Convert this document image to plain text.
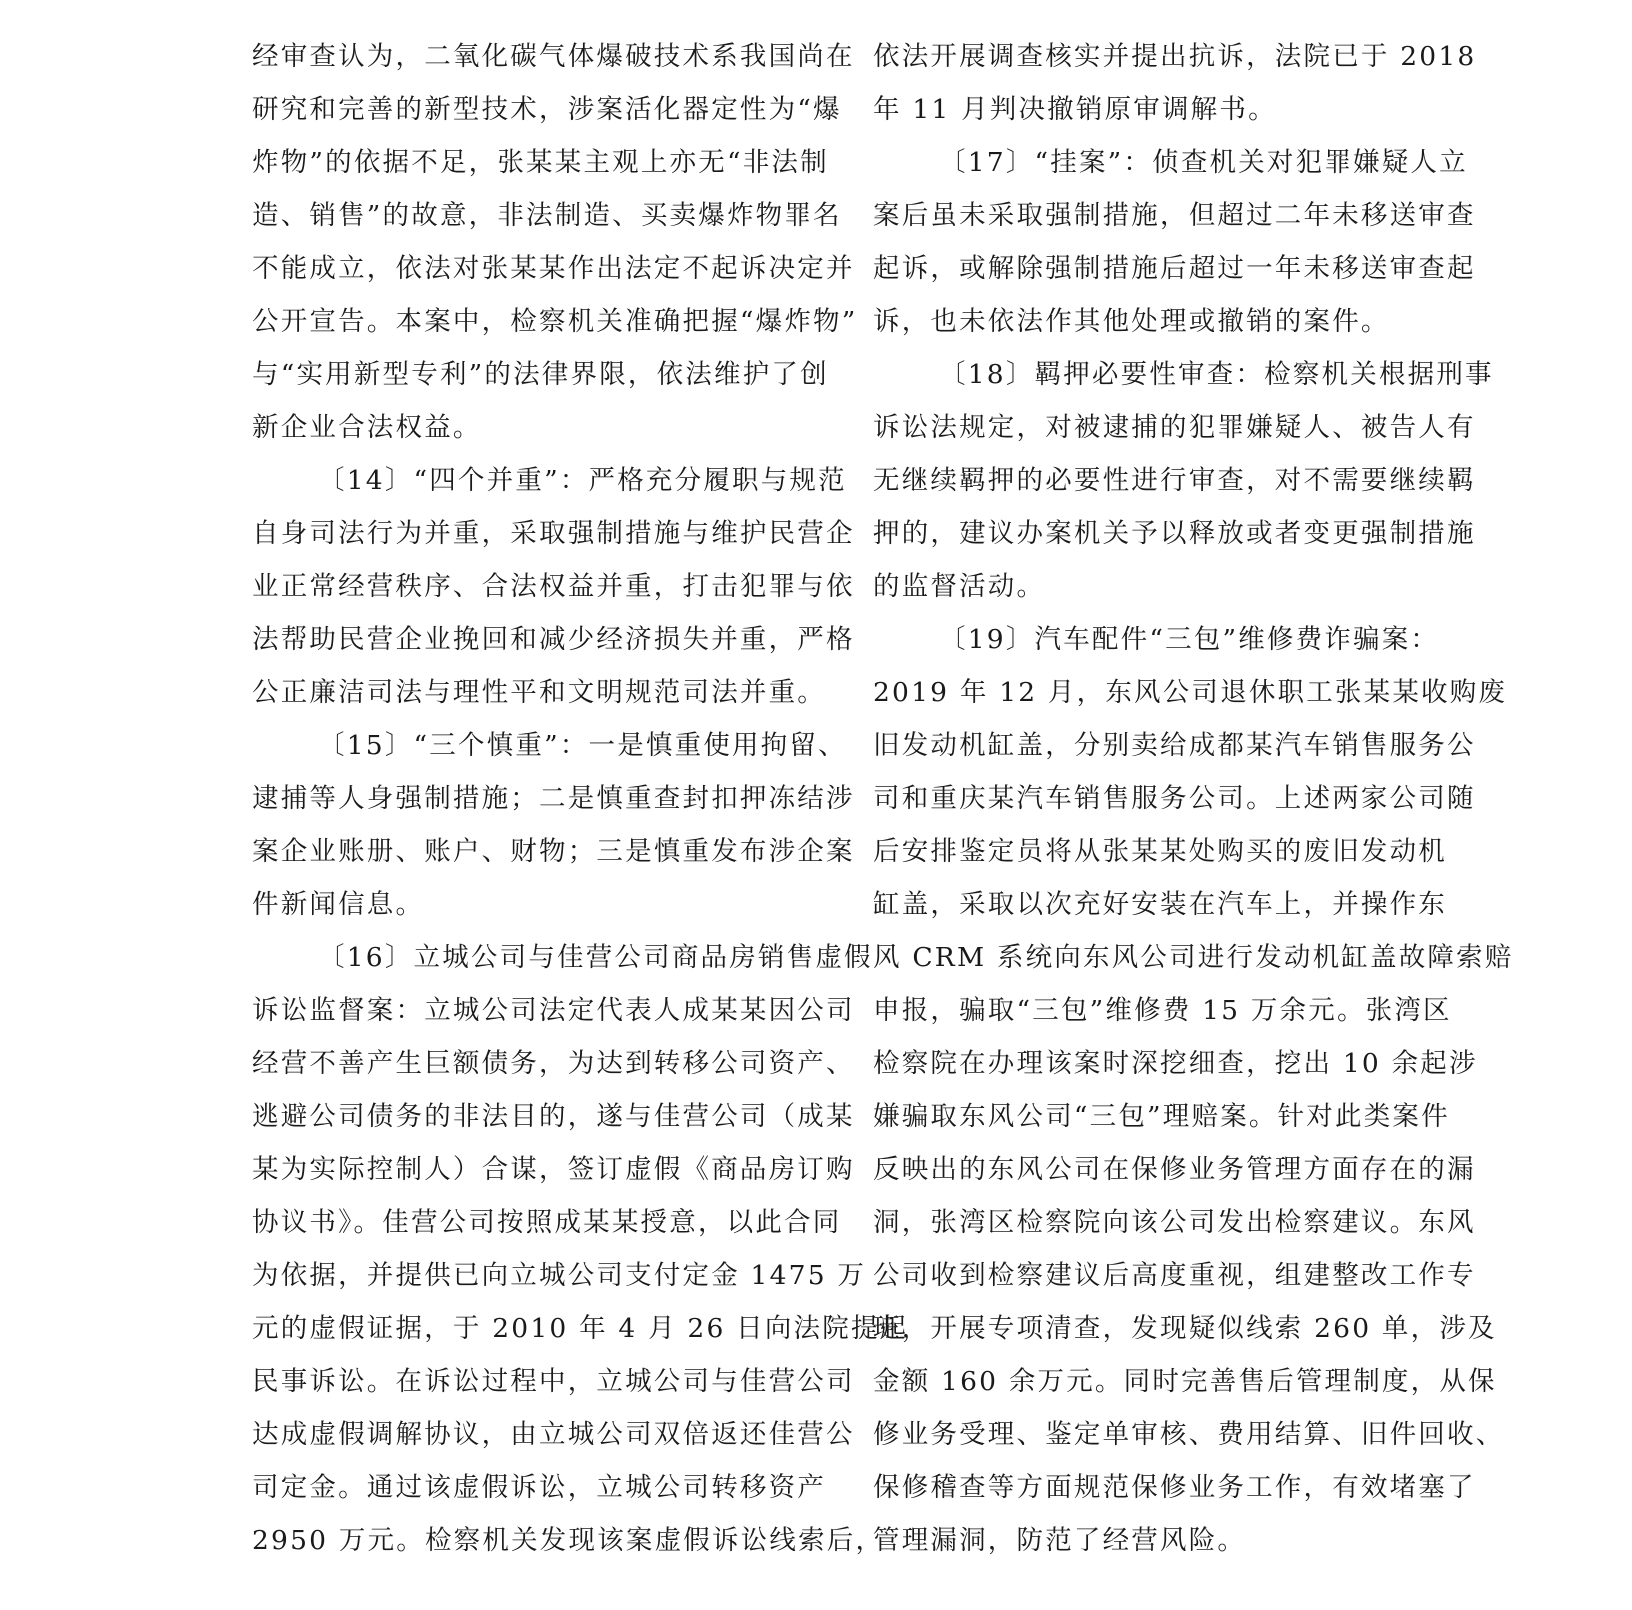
经审查认为，二氧化碳气体爆破技术系我国尚在
研究和完善的新型技术，涉案活化器定性为“爆
炸物”的依据不足，张某某主观上亦无“非法制
造、销售”的故意，非法制造、买卖爆炸物罪名
不能成立，依法对张某某作出法定不起诉决定并
公开宣告。本案中，检察机关准确把握“爆炸物”
与“实用新型专利”的法律界限，依法维护了创
新企业合法权益。
〔14〕“四个并重”：严格充分履职与规范
自身司法行为并重，采取强制措施与维护民营企
业正常经营秩序、合法权益并重，打击犯罪与依
法帮助民营企业挽回和减少经济损失并重，严格
公正廉洁司法与理性平和文明规范司法并重。
〔15〕“三个慎重”：一是慎重使用拘留、
逮捕等人身强制措施；二是慎重查封扣押冻结涉
案企业账册、账户、财物；三是慎重发布涉企案
件新闻信息。
〔16〕立城公司与佳营公司商品房销售虚假
诉讼监督案：立城公司法定代表人成某某因公司
经营不善产生巨额债务，为达到转移公司资产、
逃避公司债务的非法目的，遂与佳营公司（成某
某为实际控制人）合谋，签订虚假《商品房订购
协议书》。佳营公司按照成某某授意，以此合同
为依据，并提供已向立城公司支付定金 1475 万
元的虚假证据，于 2010 年 4 月 26 日向法院提起
民事诉讼。在诉讼过程中，立城公司与佳营公司
达成虚假调解协议，由立城公司双倍返还佳营公
司定金。通过该虚假诉讼，立城公司转移资产
2950 万元。检察机关发现该案虚假诉讼线索后，
依法开展调查核实并提出抗诉，法院已于 2018
年 11 月判决撤销原审调解书。
〔17〕“挂案”：侦查机关对犯罪嫌疑人立
案后虽未采取强制措施，但超过二年未移送审查
起诉，或解除强制措施后超过一年未移送审查起
诉，也未依法作其他处理或撤销的案件。
〔18〕羁押必要性审查：检察机关根据刑事
诉讼法规定，对被逮捕的犯罪嫌疑人、被告人有
无继续羁押的必要性进行审查，对不需要继续羁
押的，建议办案机关予以释放或者变更强制措施
的监督活动。
〔19〕汽车配件“三包”维修费诈骗案：
2019 年 12 月，东风公司退休职工张某某收购废
旧发动机缸盖，分别卖给成都某汽车销售服务公
司和重庆某汽车销售服务公司。上述两家公司随
后安排鉴定员将从张某某处购买的废旧发动机
缸盖，采取以次充好安装在汽车上，并操作东
风 CRM 系统向东风公司进行发动机缸盖故障索赔
申报，骗取“三包”维修费 15 万余元。张湾区
检察院在办理该案时深挖细查，挖出 10 余起涉
嫌骗取东风公司“三包”理赔案。针对此类案件
反映出的东风公司在保修业务管理方面存在的漏
洞，张湾区检察院向该公司发出检察建议。东风
公司收到检察建议后高度重视，组建整改工作专
班，开展专项清查，发现疑似线索 260 单，涉及
金额 160 余万元。同时完善售后管理制度，从保
修业务受理、鉴定单审核、费用结算、旧件回收、
保修稽查等方面规范保修业务工作，有效堵塞了
管理漏洞，防范了经营风险。
